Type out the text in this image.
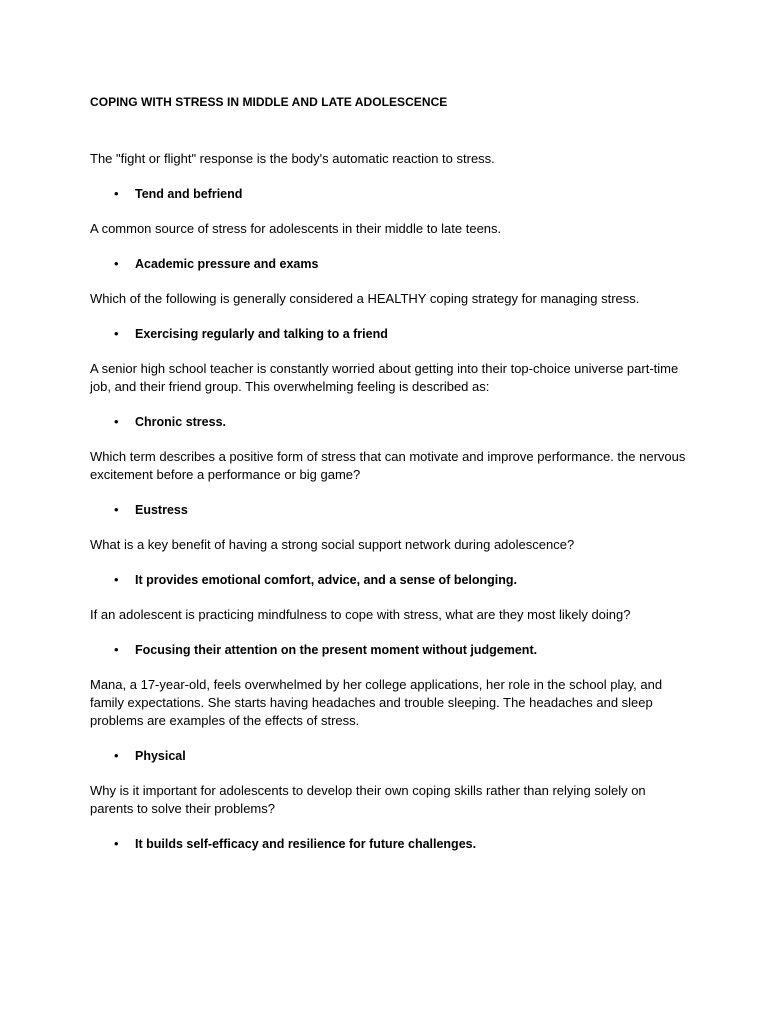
COPING WITH STRESS IN MIDDLE AND LATE ADOLESCENCE
The "fight or flight" response is the body's automatic reaction to stress.
• Tend and befriend
A common source of stress for adolescents in their middle to late teens.
• Academic pressure and exams
Which of the following is generally considered a HEALTHY coping strategy for managing stress.
• Exercising regularly and talking to a friend
A senior high school teacher is constantly worried about getting into their top-choice universe part-time job, and their friend group. This overwhelming feeling is described as:
• Chronic stress.
Which term describes a positive form of stress that can motivate and improve performance. the nervous excitement before a performance or big game?
• Eustress
What is a key benefit of having a strong social support network during adolescence?
• It provides emotional comfort, advice, and a sense of belonging.
If an adolescent is practicing mindfulness to cope with stress, what are they most likely doing?
• Focusing their attention on the present moment without judgement.
Mana, a 17-year-old, feels overwhelmed by her college applications, her role in the school play, and family expectations. She starts having headaches and trouble sleeping. The headaches and sleep problems are examples of the effects of stress.
• Physical
Why is it important for adolescents to develop their own coping skills rather than relying solely on parents to solve their problems?
• It builds self-efficacy and resilience for future challenges.
